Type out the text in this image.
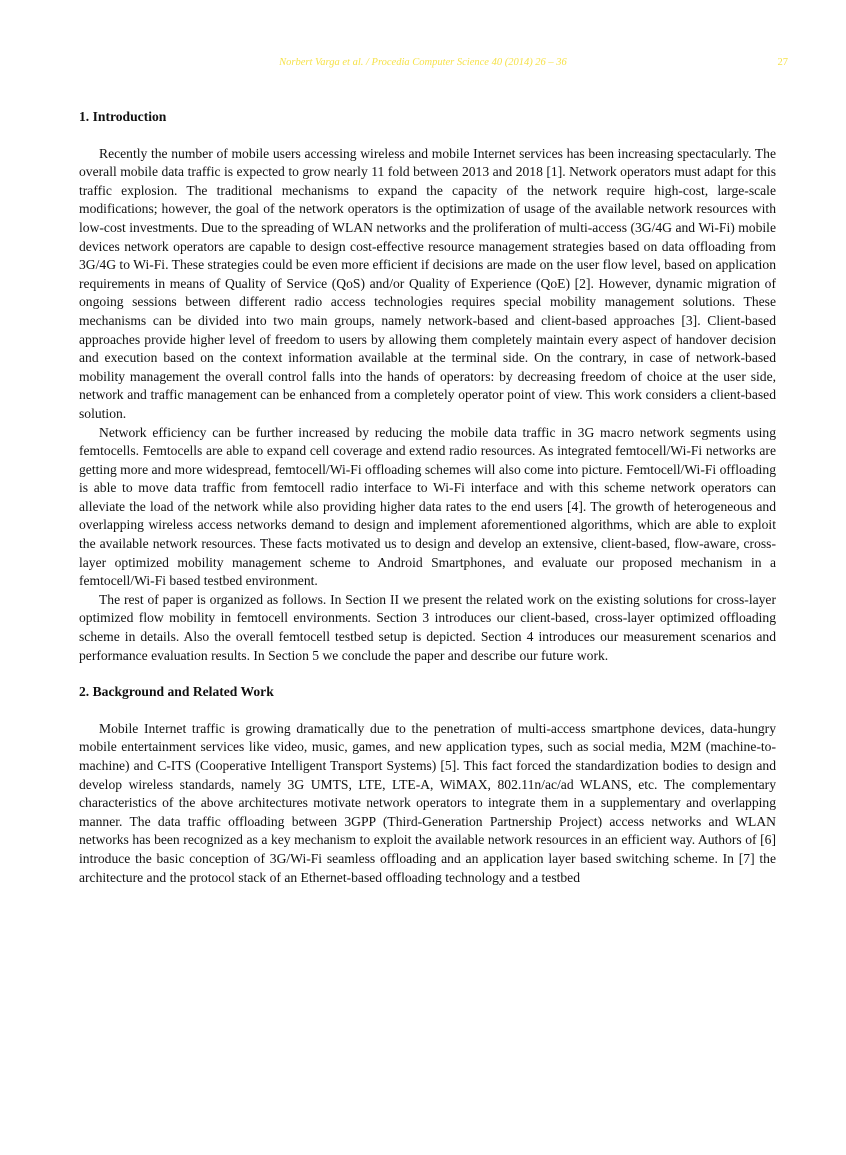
Norbert Varga et al. / Procedia Computer Science 40 (2014) 26 – 36	27
1. Introduction

Recently the number of mobile users accessing wireless and mobile Internet services has been increasing spectacularly. The overall mobile data traffic is expected to grow nearly 11 fold between 2013 and 2018 [1]. Network operators must adapt for this traffic explosion. The traditional mechanisms to expand the capacity of the network require high-cost, large-scale modifications; however, the goal of the network operators is the optimization of usage of the available network resources with low-cost investments. Due to the spreading of WLAN networks and the proliferation of multi-access (3G/4G and Wi-Fi) mobile devices network operators are capable to design cost-effective resource management strategies based on data offloading from 3G/4G to Wi-Fi. These strategies could be even more efficient if decisions are made on the user flow level, based on application requirements in means of Quality of Service (QoS) and/or Quality of Experience (QoE) [2]. However, dynamic migration of ongoing sessions between different radio access technologies requires special mobility management solutions. These mechanisms can be divided into two main groups, namely network-based and client-based approaches [3]. Client-based approaches provide higher level of freedom to users by allowing them completely maintain every aspect of handover decision and execution based on the context information available at the terminal side. On the contrary, in case of network-based mobility management the overall control falls into the hands of operators: by decreasing freedom of choice at the user side, network and traffic management can be enhanced from a completely operator point of view. This work considers a client-based solution.

Network efficiency can be further increased by reducing the mobile data traffic in 3G macro network segments using femtocells. Femtocells are able to expand cell coverage and extend radio resources. As integrated femtocell/Wi-Fi networks are getting more and more widespread, femtocell/Wi-Fi offloading schemes will also come into picture. Femtocell/Wi-Fi offloading is able to move data traffic from femtocell radio interface to Wi-Fi interface and with this scheme network operators can alleviate the load of the network while also providing higher data rates to the end users [4]. The growth of heterogeneous and overlapping wireless access networks demand to design and implement aforementioned algorithms, which are able to exploit the available network resources. These facts motivated us to design and develop an extensive, client-based, flow-aware, cross-layer optimized mobility management scheme to Android Smartphones, and evaluate our proposed mechanism in a femtocell/Wi-Fi based testbed environment.

The rest of paper is organized as follows. In Section II we present the related work on the existing solutions for cross-layer optimized flow mobility in femtocell environments. Section 3 introduces our client-based, cross-layer optimized offloading scheme in details. Also the overall femtocell testbed setup is depicted. Section 4 introduces our measurement scenarios and performance evaluation results. In Section 5 we conclude the paper and describe our future work.

2. Background and Related Work

Mobile Internet traffic is growing dramatically due to the penetration of multi-access smartphone devices, data-hungry mobile entertainment services like video, music, games, and new application types, such as social media, M2M (machine-to-machine) and C-ITS (Cooperative Intelligent Transport Systems) [5]. This fact forced the standardization bodies to design and develop wireless standards, namely 3G UMTS, LTE, LTE-A, WiMAX, 802.11n/ac/ad WLANS, etc. The complementary characteristics of the above architectures motivate network operators to integrate them in a supplementary and overlapping manner. The data traffic offloading between 3GPP (Third-Generation Partnership Project) access networks and WLAN networks has been recognized as a key mechanism to exploit the available network resources in an efficient way. Authors of [6] introduce the basic conception of 3G/Wi-Fi seamless offloading and an application layer based switching scheme. In [7] the architecture and the protocol stack of an Ethernet-based offloading technology and a testbed
